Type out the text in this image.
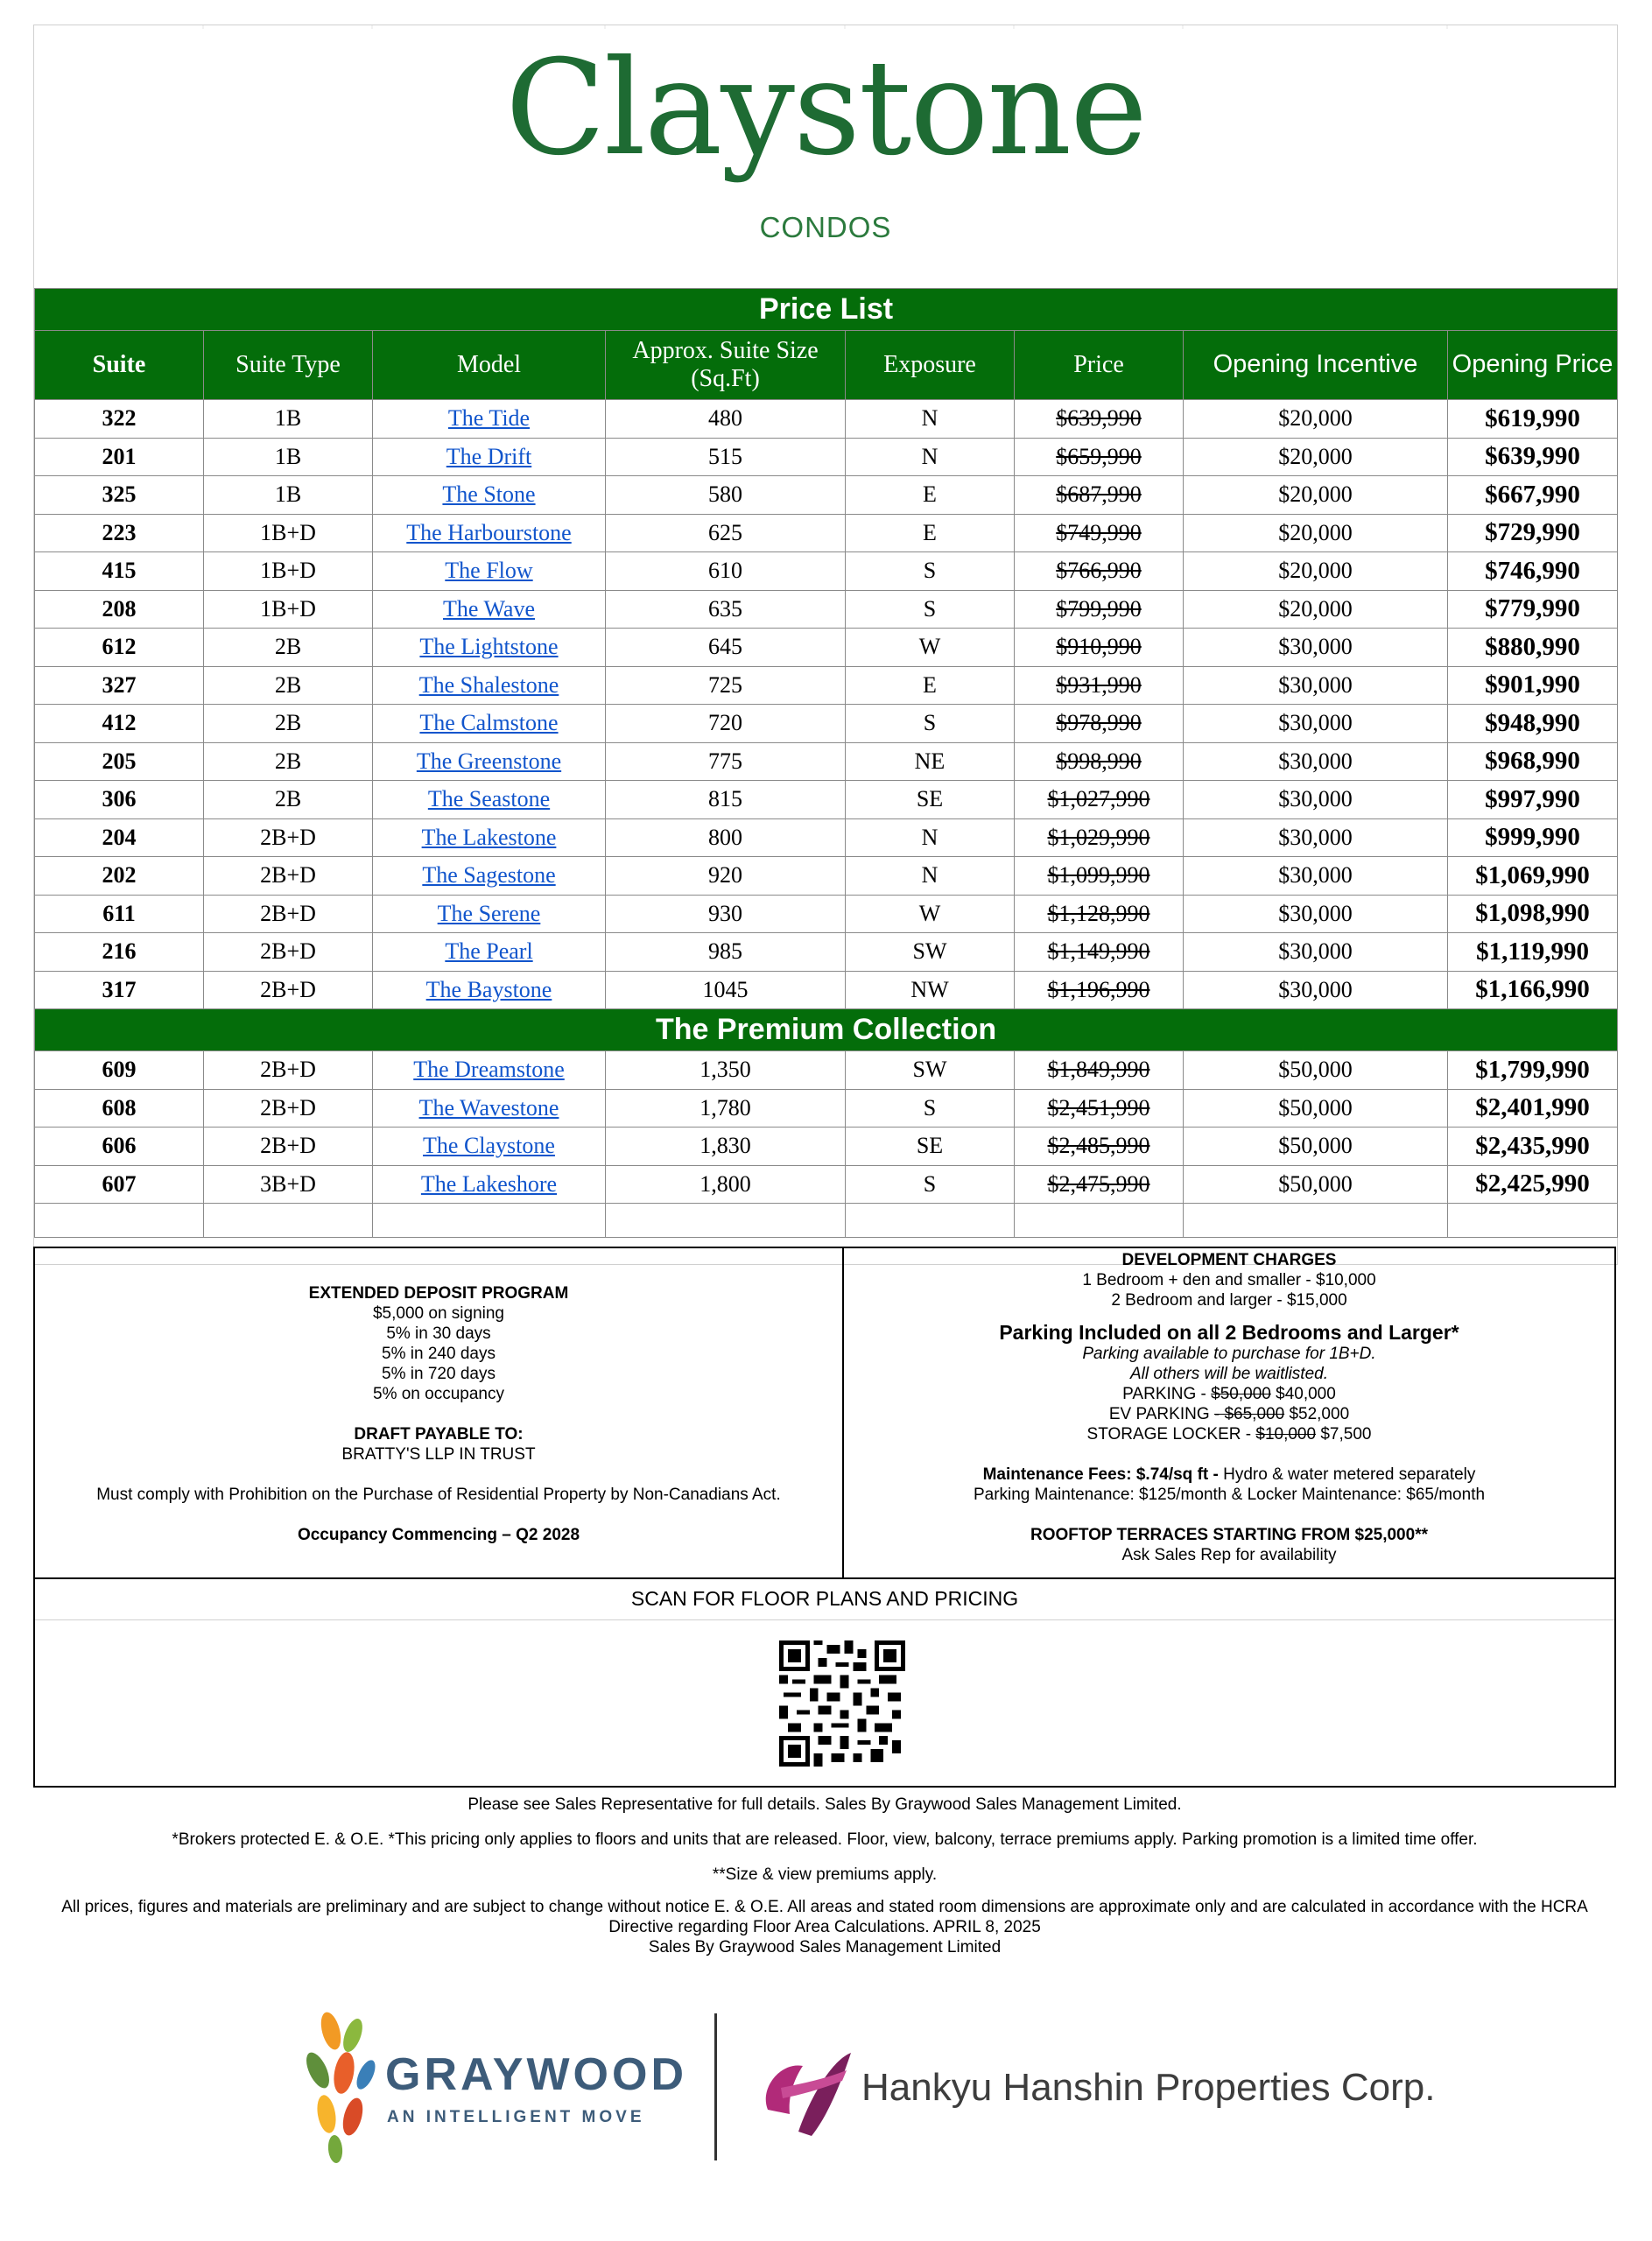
Claystone
CONDOS
Price List							
Suite	Suite Type	Model	Approx. Suite Size (Sq.Ft)	Exposure	Price	Opening Incentive	Opening Price
322	1B	The Tide	480	N	$639,990	$20,000	$619,990
201	1B	The Drift	515	N	$659,990	$20,000	$639,990
325	1B	The Stone	580	E	$687,990	$20,000	$667,990
223	1B+D	The Harbourstone	625	E	$749,990	$20,000	$729,990
415	1B+D	The Flow	610	S	$766,990	$20,000	$746,990
208	1B+D	The Wave	635	S	$799,990	$20,000	$779,990
612	2B	The Lightstone	645	W	$910,990	$30,000	$880,990
327	2B	The Shalestone	725	E	$931,990	$30,000	$901,990
412	2B	The Calmstone	720	S	$978,990	$30,000	$948,990
205	2B	The Greenstone	775	NE	$998,990	$30,000	$968,990
306	2B	The Seastone	815	SE	$1,027,990	$30,000	$997,990
204	2B+D	The Lakestone	800	N	$1,029,990	$30,000	$999,990
202	2B+D	The Sagestone	920	N	$1,099,990	$30,000	$1,069,990
611	2B+D	The Serene	930	W	$1,128,990	$30,000	$1,098,990
216	2B+D	The Pearl	985	SW	$1,149,990	$30,000	$1,119,990
317	2B+D	The Baystone	1045	NW	$1,196,990	$30,000	$1,166,990
The Premium Collection							
609	2B+D	The Dreamstone	1,350	SW	$1,849,990	$50,000	$1,799,990
608	2B+D	The Wavestone	1,780	S	$2,451,990	$50,000	$2,401,990
606	2B+D	The Claystone	1,830	SE	$2,485,990	$50,000	$2,435,990
607	3B+D	The Lakeshore	1,800	S	$2,475,990	$50,000	$2,425,990

EXTENDED DEPOSIT PROGRAM
$5,000 on signing
5% in 30 days
5% in 240 days
5% in 720 days
5% on occupancy
DRAFT PAYABLE TO:
BRATTY'S LLP IN TRUST
Must comply with Prohibition on the Purchase of Residential Property by Non-Canadians Act.
Occupancy Commencing – Q2 2028
DEVELOPMENT CHARGES
1 Bedroom + den and smaller - $10,000
2 Bedroom and larger - $15,000
Parking Included on all 2 Bedrooms and Larger*
Parking available to purchase for 1B+D.
All others will be waitlisted.
PARKING - $50,000 $40,000
EV PARKING - $65,000 $52,000
STORAGE LOCKER - $10,000 $7,500
Maintenance Fees: $.74/sq ft - Hydro & water metered separately
Parking Maintenance: $125/month & Locker Maintenance: $65/month
ROOFTOP TERRACES STARTING FROM $25,000**
Ask Sales Rep for availability
SCAN FOR FLOOR PLANS AND PRICING
Please see Sales Representative for full details. Sales By Graywood Sales Management Limited.
*Brokers protected E. & O.E. *This pricing only applies to floors and units that are released. Floor, view, balcony, terrace premiums apply. Parking promotion is a limited time offer.
**Size & view premiums apply.
All prices, figures and materials are preliminary and are subject to change without notice E. & O.E. All areas and stated room dimensions are approximate only and are calculated in accordance with the HCRA Directive regarding Floor Area Calculations. APRIL 8, 2025
Sales By Graywood Sales Management Limited
GRAYWOOD
AN INTELLIGENT MOVE
Hankyu Hanshin Properties Corp.
